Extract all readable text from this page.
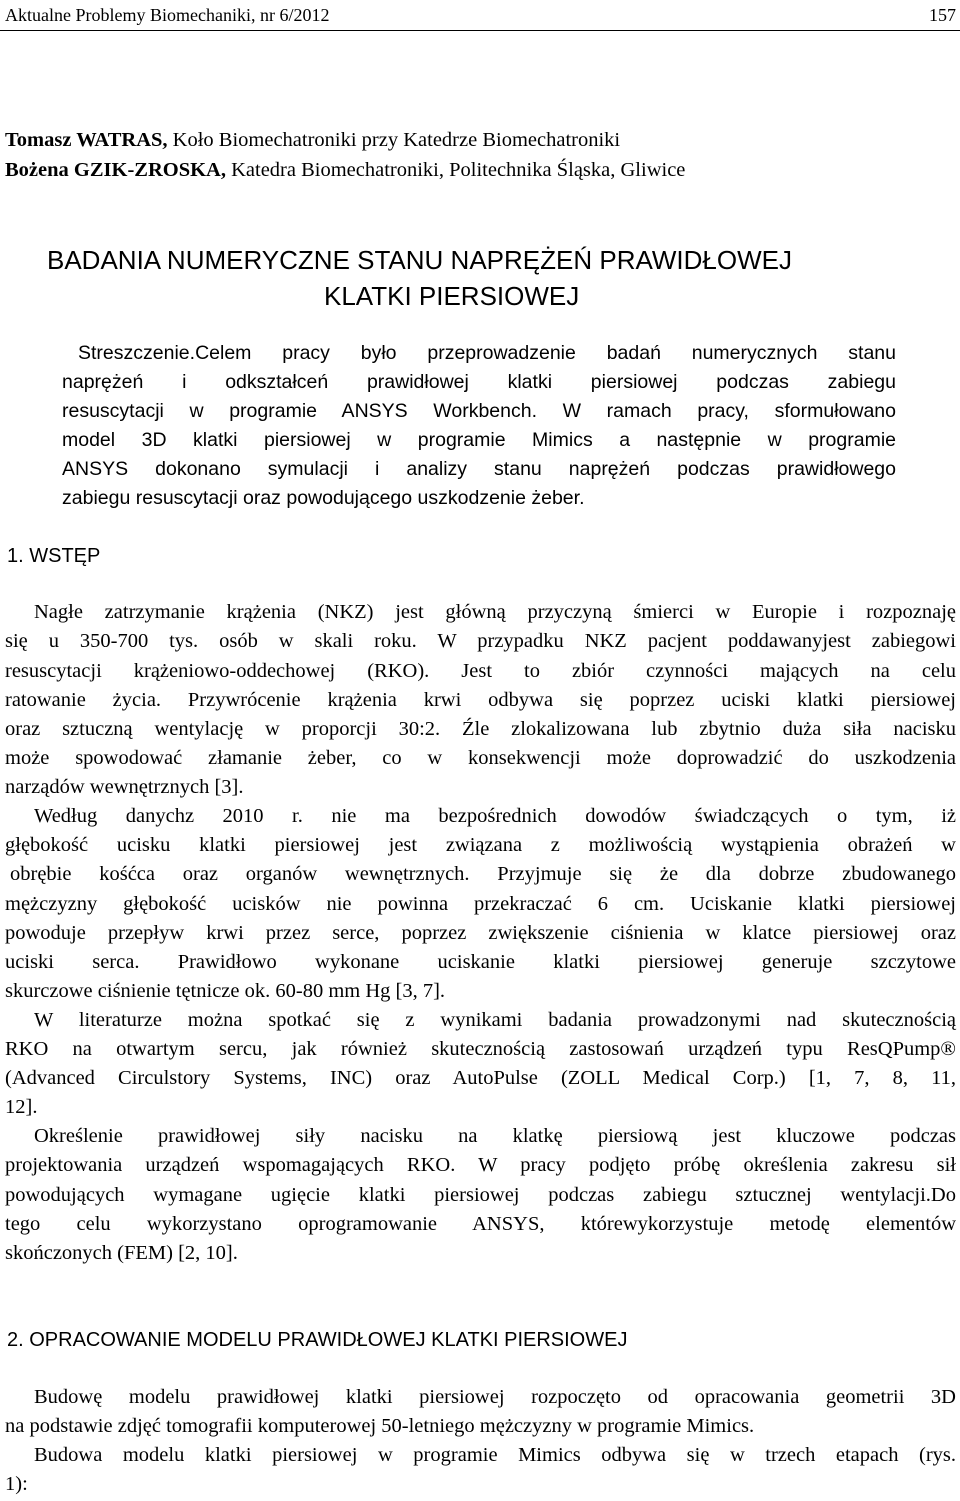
Aktualne Problemy Biomechaniki, nr 6/2012	157
Tomasz WATRAS, Koło Biomechatroniki przy Katedrze Biomechatroniki
Bożena GZIK-ZROSKA, Katedra Biomechatroniki, Politechnika Śląska, Gliwice
BADANIA NUMERYCZNE STANU NAPRĘŻEŃ PRAWIDŁOWEJ
KLATKI PIERSIOWEJ
Streszczenie.Celem pracy było przeprowadzenie badań numerycznych stanu
naprężeń i odkształceń prawidłowej klatki piersiowej podczas zabiegu
resuscytacji w programie ANSYS Workbench. W ramach pracy, sformułowano
model 3D klatki piersiowej w programie Mimics a następnie w programie
ANSYS dokonano symulacji i analizy stanu naprężeń podczas prawidłowego
zabiegu resuscytacji oraz powodującego uszkodzenie żeber.
1. WSTĘP
Nagłe zatrzymanie krążenia (NKZ) jest główną przyczyną śmierci w Europie i rozpoznaję
się u 350-700 tys. osób w skali roku. W przypadku NKZ pacjent poddawanyjest zabiegowi
resuscytacji krążeniowo-oddechowej (RKO). Jest to zbiór czynności mających na celu
ratowanie życia. Przywrócenie krążenia krwi odbywa się poprzez uciski klatki piersiowej
oraz sztuczną wentylację w proporcji 30:2. Źle zlokalizowana lub zbytnio duża siła nacisku
może spowodować złamanie żeber, co w konsekwencji może doprowadzić do uszkodzenia
narządów wewnętrznych [3].
Według danychz 2010 r. nie ma bezpośrednich dowodów świadczących o tym, iż
głębokość ucisku klatki piersiowej jest związana z możliwością wystąpienia obrażeń w
obrębie kośćca oraz organów wewnętrznych. Przyjmuje się że dla dobrze zbudowanego
mężczyzny głębokość ucisków nie powinna przekraczać 6 cm. Uciskanie klatki piersiowej
powoduje przepływ krwi przez serce, poprzez zwiększenie ciśnienia w klatce piersiowej oraz
uciski serca. Prawidłowo wykonane uciskanie klatki piersiowej generuje szczytowe
skurczowe ciśnienie tętnicze ok. 60-80 mm Hg [3, 7].
W literaturze można spotkać się z wynikami badania prowadzonymi nad skutecznością
RKO na otwartym sercu, jak również skutecznością zastosowań urządzeń typu ResQPump®
(Advanced Circulstory Systems, INC) oraz AutoPulse (ZOLL Medical Corp.) [1, 7, 8, 11,
12].
Określenie prawidłowej siły nacisku na klatkę piersiową jest kluczowe podczas
projektowania urządzeń wspomagających RKO. W pracy podjęto próbę określenia zakresu sił
powodujących wymagane ugięcie klatki piersiowej podczas zabiegu sztucznej wentylacji.Do
tego celu wykorzystano oprogramowanie ANSYS, którewykorzystuje metodę elementów
skończonych (FEM) [2, 10].
2. OPRACOWANIE MODELU PRAWIDŁOWEJ KLATKI PIERSIOWEJ
Budowę modelu prawidłowej klatki piersiowej rozpoczęto od opracowania geometrii 3D
na podstawie zdjęć tomografii komputerowej 50-letniego mężczyzny w programie Mimics.
Budowa modelu klatki piersiowej w programie Mimics odbywa się w trzech etapach (rys.
1):
